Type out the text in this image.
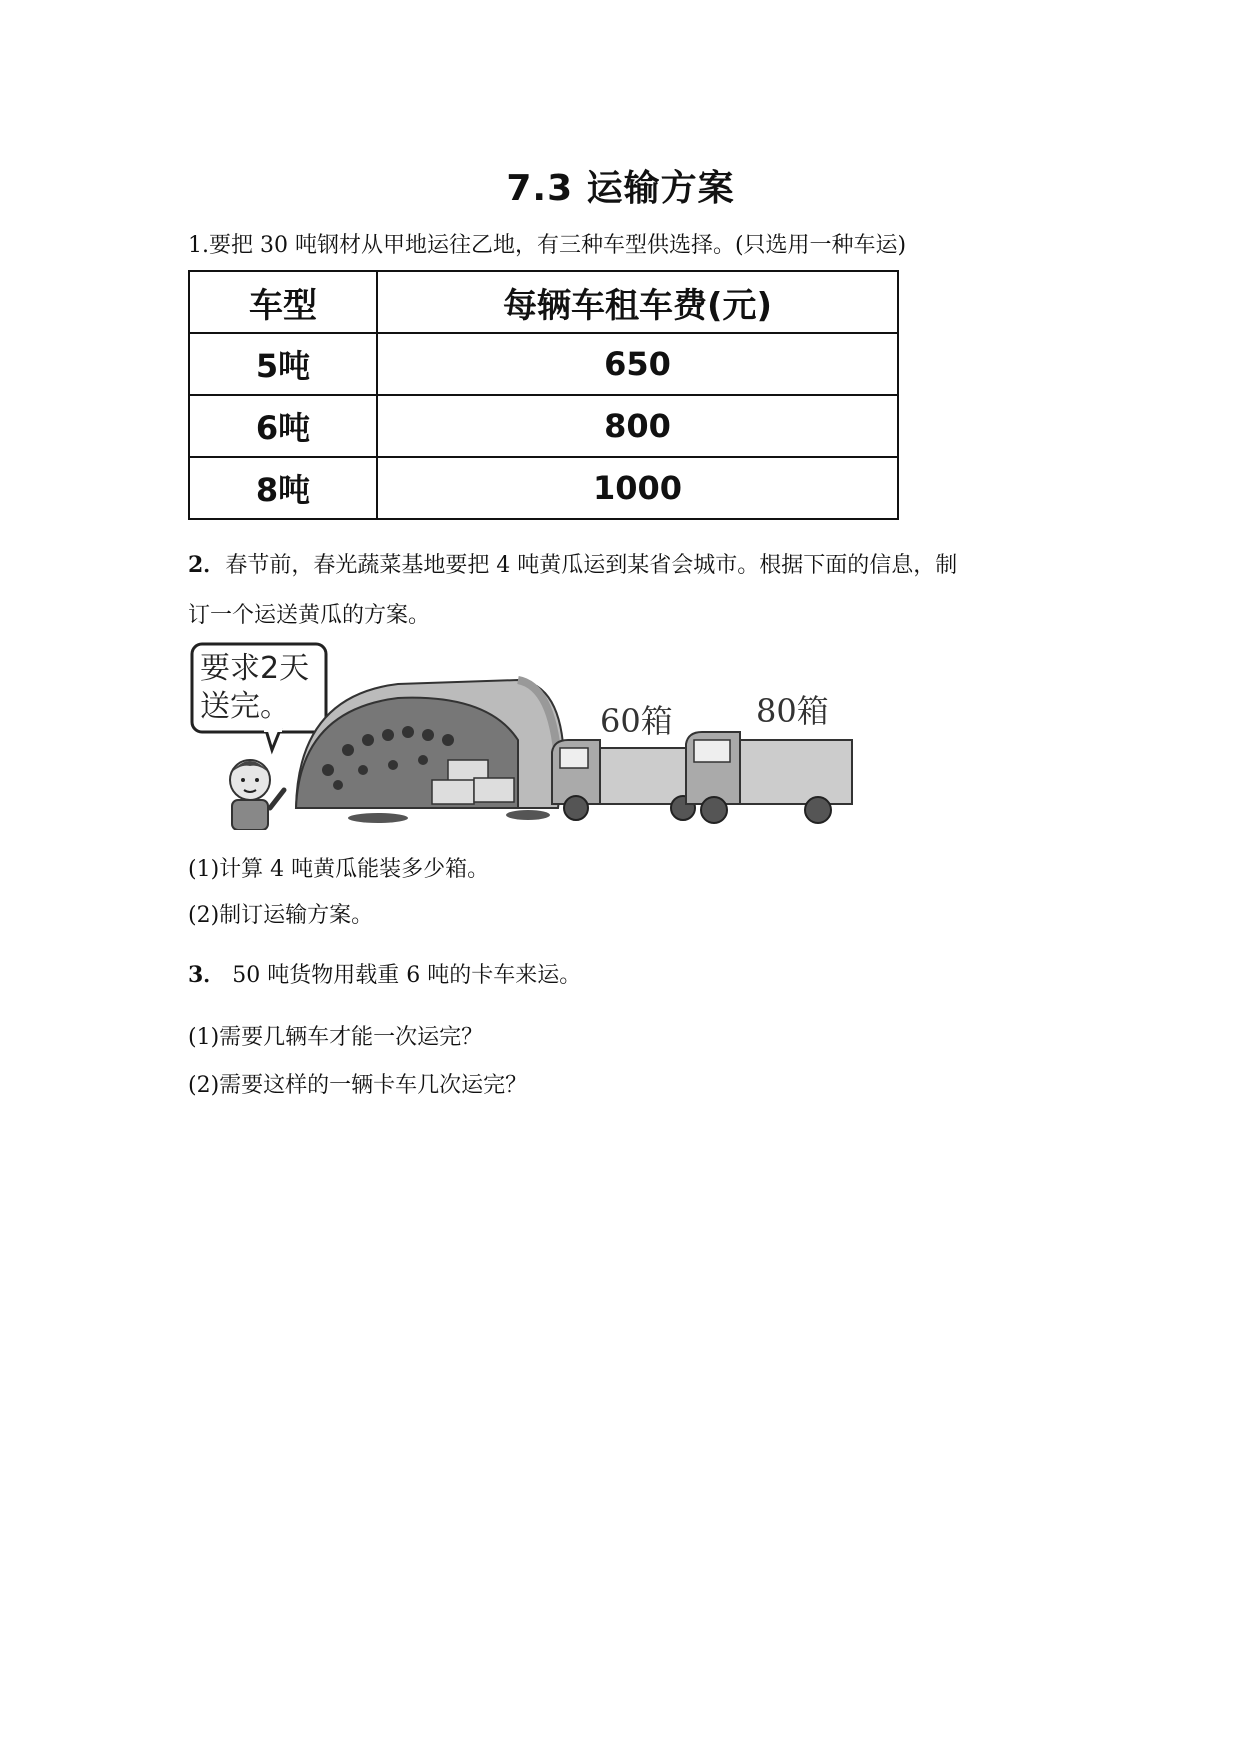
7.3 运输方案
1.要把 30 吨钢材从甲地运往乙地，有三种车型供选择。(只选用一种车运)
车型	每辆车租车费(元)
5吨	650
6吨	800
8吨	1000
2．春节前，春光蔬菜基地要把 4 吨黄瓜运到某省会城市。根据下面的信息，制
订一个运送黄瓜的方案。
要求2天
送完。	60箱	80箱
(1)计算 4 吨黄瓜能装多少箱。
(2)制订运输方案。
3． 50 吨货物用载重 6 吨的卡车来运。
(1)需要几辆车才能一次运完？
(2)需要这样的一辆卡车几次运完？
